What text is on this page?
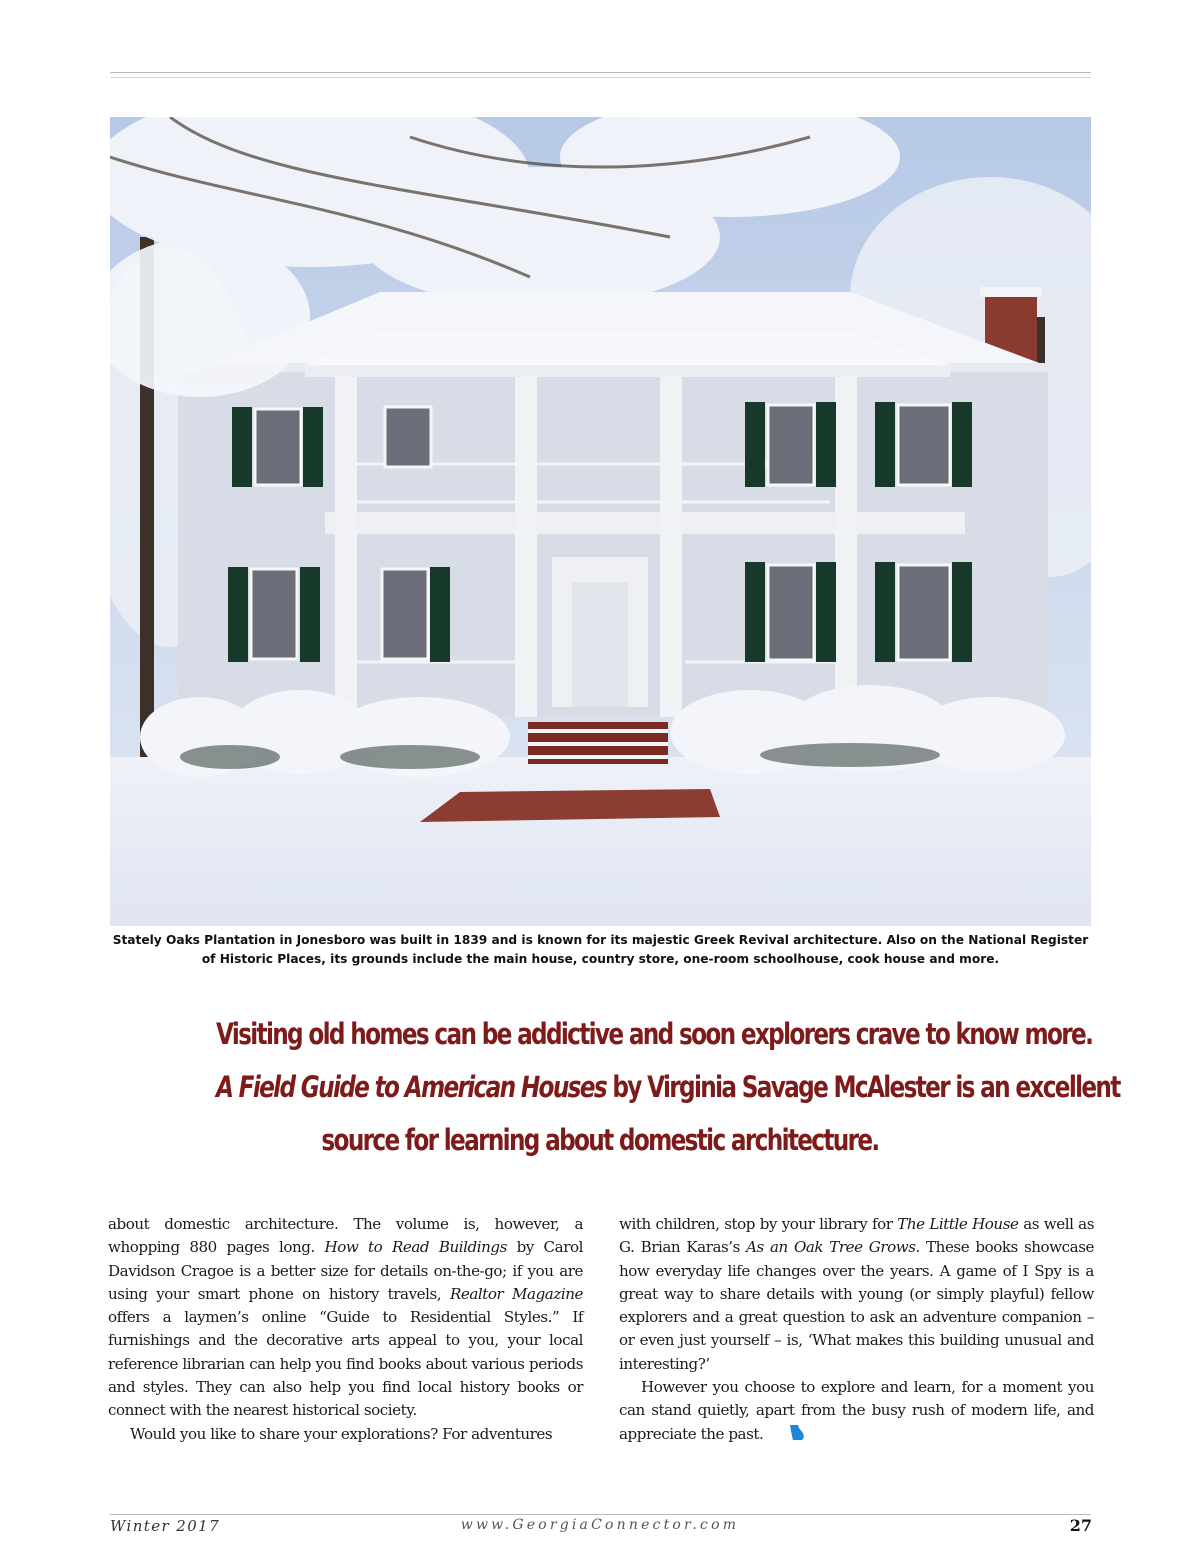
Stately Oaks Plantation in Jonesboro was built in 1839 and is known for its majestic Greek Revival architecture. Also on the National Register
of Historic Places, its grounds include the main house, country store, one-room schoolhouse, cook house and more.
Visiting old homes can be addictive and soon explorers crave to know more.
A Field Guide to American Houses by Virginia Savage McAlester is an excellent
source for learning about domestic architecture.

about domestic architecture. The volume is, however, a whopping 880 pages long. How to Read Buildings by Carol Davidson Cragoe is a better size for details on-the-go; if you are using your smart phone on history travels, Realtor Magazine offers a laymen’s online “Guide to Residential Styles.” If furnishings and the decorative arts appeal to you, your local reference librarian can help you find books about various periods and styles. They can also help you find local history books or connect with the nearest historical society.

Would you like to share your explorations? For adventures

with children, stop by your library for The Little House as well as G. Brian Karas’s As an Oak Tree Grows. These books showcase how everyday life changes over the years. A game of I Spy is a great way to share details with young (or simply playful) fellow explorers and a great question to ask an adventure companion – or even just yourself – is, ‘What makes this building unusual and interesting?’

However you choose to explore and learn, for a moment you can stand quietly, apart from the busy rush of modern life, and appreciate the past.

Winter 2017	www.GeorgiaConnector.com	27
